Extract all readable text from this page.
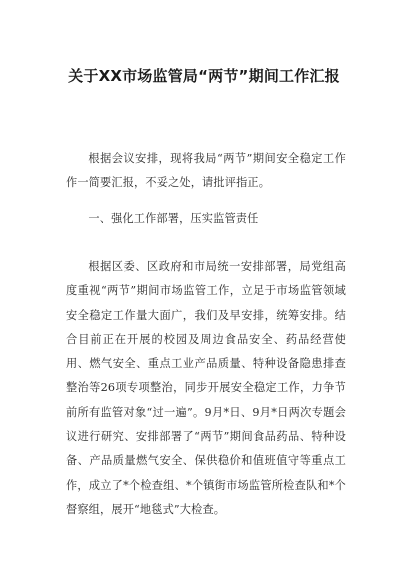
关于XX市场监管局“两节”期间工作汇报
根据会议安排，现将我局“两节”期间安全稳定工作作一简要汇报，不妥之处，请批评指正。
一、强化工作部署，压实监管责任
根据区委、区政府和市局统一安排部署，局党组高度重视“两节”期间市场监管工作，立足于市场监管领域安全稳定工作量大面广，我们及早安排，统筹安排。结合目前正在开展的校园及周边食品安全、药品经营使用、燃气安全、重点工业产品质量、特种设备隐患排查整治等26项专项整治，同步开展安全稳定工作，力争节前所有监管对象“过一遍”。9月*日、9月*日两次专题会议进行研究、安排部署了“两节”期间食品药品、特种设备、产品质量燃气安全、保供稳价和值班值守等重点工作，成立了*个检查组、*个镇街市场监管所检查队和*个督察组，展开“地毯式”大检查。
